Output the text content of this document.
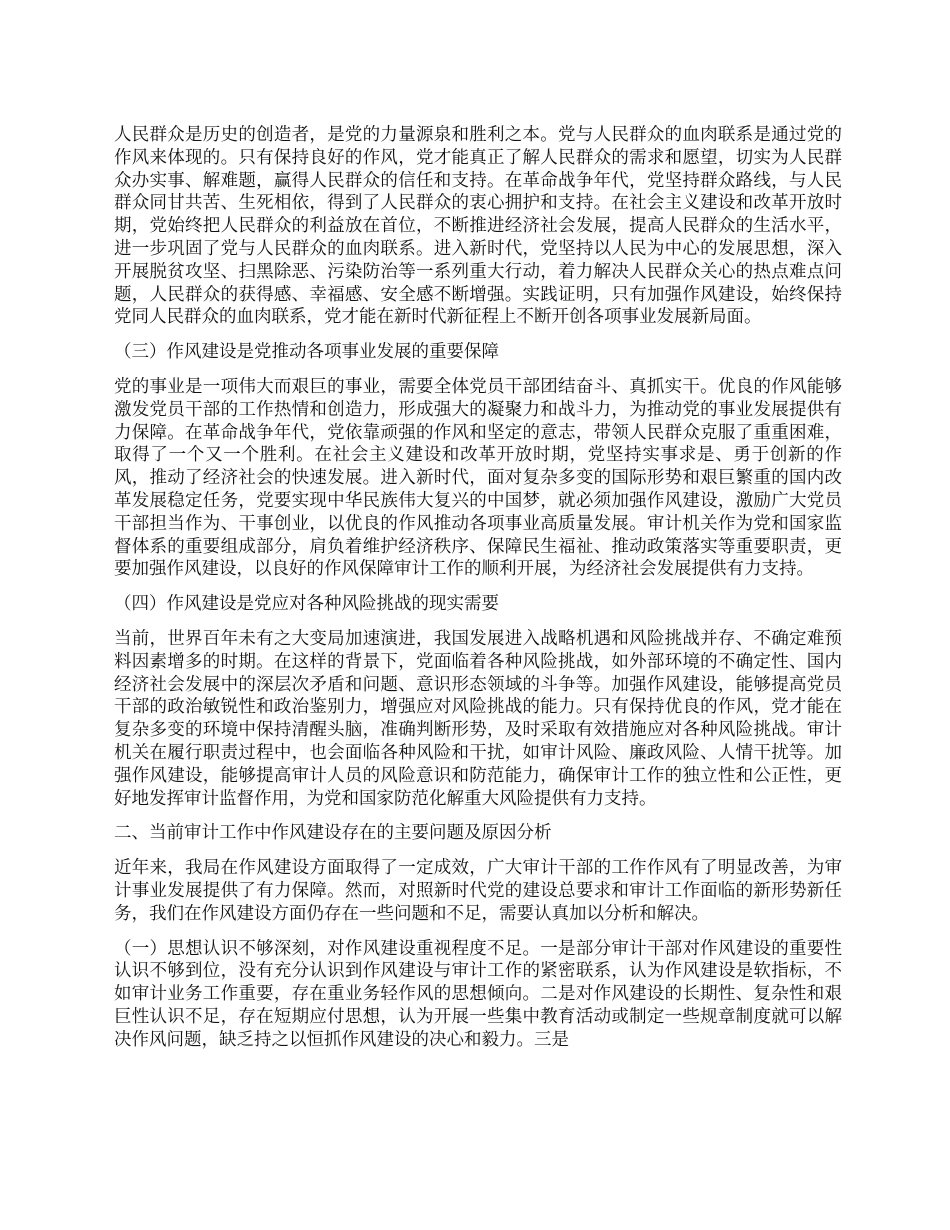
人民群众是历史的创造者，是党的力量源泉和胜利之本。党与人民群众的血肉联系是通过党的作风来体现的。只有保持良好的作风，党才能真正了解人民群众的需求和愿望，切实为人民群众办实事、解难题，赢得人民群众的信任和支持。在革命战争年代，党坚持群众路线，与人民群众同甘共苦、生死相依，得到了人民群众的衷心拥护和支持。在社会主义建设和改革开放时期，党始终把人民群众的利益放在首位，不断推进经济社会发展，提高人民群众的生活水平，进一步巩固了党与人民群众的血肉联系。进入新时代，党坚持以人民为中心的发展思想，深入开展脱贫攻坚、扫黑除恶、污染防治等一系列重大行动，着力解决人民群众关心的热点难点问题，人民群众的获得感、幸福感、安全感不断增强。实践证明，只有加强作风建设，始终保持党同人民群众的血肉联系，党才能在新时代新征程上不断开创各项事业发展新局面。

（三）作风建设是党推动各项事业发展的重要保障

党的事业是一项伟大而艰巨的事业，需要全体党员干部团结奋斗、真抓实干。优良的作风能够激发党员干部的工作热情和创造力，形成强大的凝聚力和战斗力，为推动党的事业发展提供有力保障。在革命战争年代，党依靠顽强的作风和坚定的意志，带领人民群众克服了重重困难，取得了一个又一个胜利。在社会主义建设和改革开放时期，党坚持实事求是、勇于创新的作风，推动了经济社会的快速发展。进入新时代，面对复杂多变的国际形势和艰巨繁重的国内改革发展稳定任务，党要实现中华民族伟大复兴的中国梦，就必须加强作风建设，激励广大党员干部担当作为、干事创业，以优良的作风推动各项事业高质量发展。审计机关作为党和国家监督体系的重要组成部分，肩负着维护经济秩序、保障民生福祉、推动政策落实等重要职责，更要加强作风建设，以良好的作风保障审计工作的顺利开展，为经济社会发展提供有力支持。

（四）作风建设是党应对各种风险挑战的现实需要

当前，世界百年未有之大变局加速演进，我国发展进入战略机遇和风险挑战并存、不确定难预料因素增多的时期。在这样的背景下，党面临着各种风险挑战，如外部环境的不确定性、国内经济社会发展中的深层次矛盾和问题、意识形态领域的斗争等。加强作风建设，能够提高党员干部的政治敏锐性和政治鉴别力，增强应对风险挑战的能力。只有保持优良的作风，党才能在复杂多变的环境中保持清醒头脑，准确判断形势，及时采取有效措施应对各种风险挑战。审计机关在履行职责过程中，也会面临各种风险和干扰，如审计风险、廉政风险、人情干扰等。加强作风建设，能够提高审计人员的风险意识和防范能力，确保审计工作的独立性和公正性，更好地发挥审计监督作用，为党和国家防范化解重大风险提供有力支持。

二、当前审计工作中作风建设存在的主要问题及原因分析

近年来，我局在作风建设方面取得了一定成效，广大审计干部的工作作风有了明显改善，为审计事业发展提供了有力保障。然而，对照新时代党的建设总要求和审计工作面临的新形势新任务，我们在作风建设方面仍存在一些问题和不足，需要认真加以分析和解决。

（一）思想认识不够深刻，对作风建设重视程度不足。一是部分审计干部对作风建设的重要性认识不够到位，没有充分认识到作风建设与审计工作的紧密联系，认为作风建设是软指标，不如审计业务工作重要，存在重业务轻作风的思想倾向。二是对作风建设的长期性、复杂性和艰巨性认识不足，存在短期应付思想，认为开展一些集中教育活动或制定一些规章制度就可以解决作风问题，缺乏持之以恒抓作风建设的决心和毅力。三是
